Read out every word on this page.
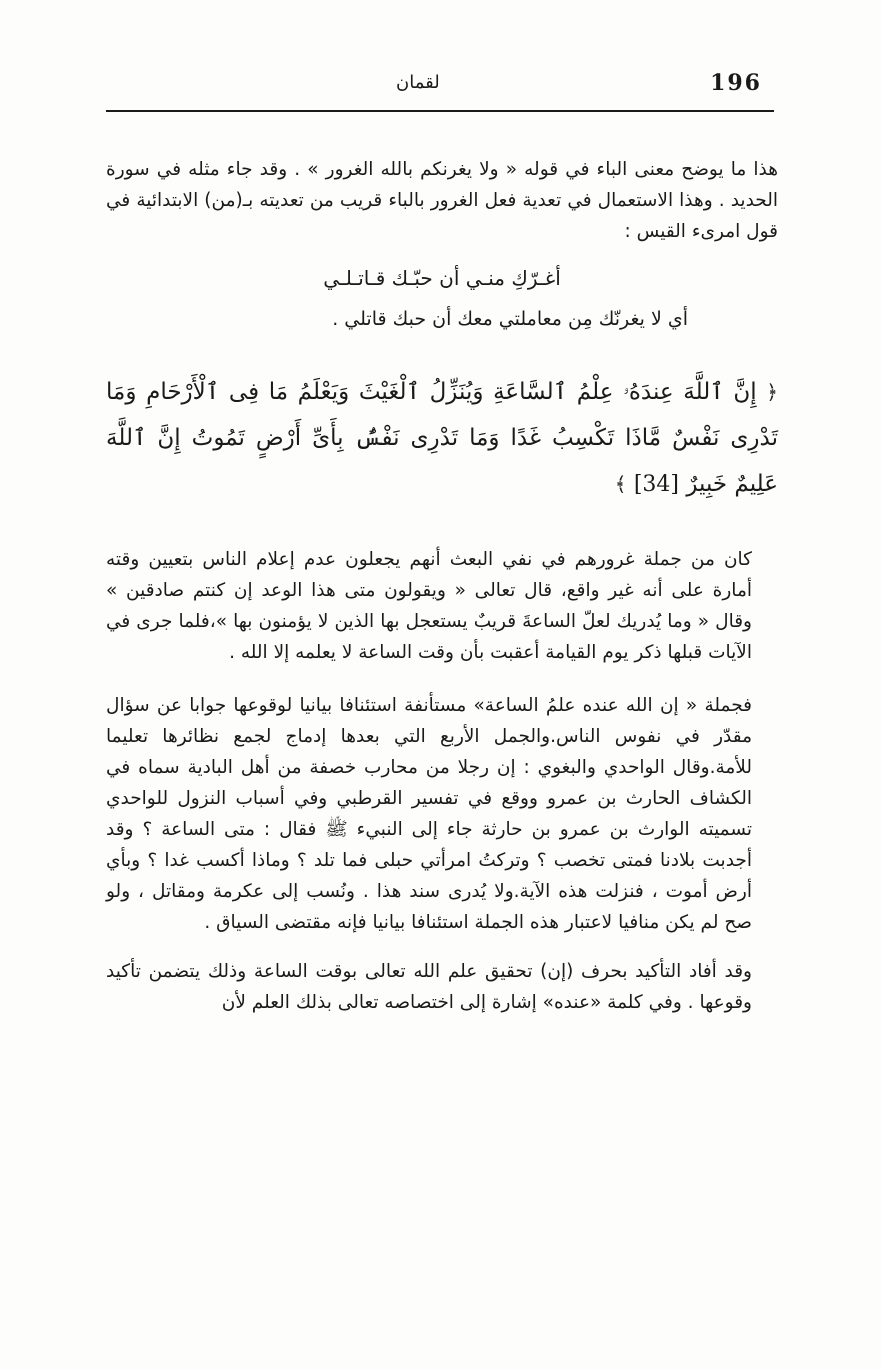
196
لقمان

هذا ما يوضح معنى الباء في قوله « ولا يغرنكم بالله الغرور » . وقد جاء مثله في سورة الحديد . وهذا الاستعمال في تعدية فعل الغرور بالباء قريب من تعديته بـ(من) الابتدائية في قول امرىء القيس :

أغـرّكِ منـي أن حبّـك قـاتـلـي

أي لا يغرنّك مِن معاملتي معك أن حبك قاتلي .

﴿ إِنَّ ٱللَّهَ عِندَهُۥ عِلْمُ ٱلسَّاعَةِ وَيُنَزِّلُ ٱلْغَيْثَ وَيَعْلَمُ مَا فِى ٱلْأَرْحَامِ وَمَا تَدْرِى نَفْسٌ مَّاذَا تَكْسِبُ غَدًا وَمَا تَدْرِى نَفْسٌۢ بِأَىِّ أَرْضٍ تَمُوتُ إِنَّ ٱللَّهَ عَلِيمٌ خَبِيرٌ [34] ﴾

كان من جملة غرورهم في نفي البعث أنهم يجعلون عدم إعلام الناس بتعيين وقته أمارة على أنه غير واقع، قال تعالى « ويقولون متى هذا الوعد إن كنتم صادقين » وقال « وما يُدريك لعلّ الساعةَ قريبٌ يستعجل بها الذين لا يؤمنون بها »،فلما جرى في الآيات قبلها ذكر يوم القيامة أعقبت بأن وقت الساعة لا يعلمه إلا الله .

فجملة « إن الله عنده علمُ الساعة» مستأنفة استئنافا بيانيا لوقوعها جوابا عن سؤال مقدّر في نفوس الناس.والجمل الأربع التي بعدها إدماج لجمع نظائرها تعليما للأمة.وقال الواحدي والبغوي : إن رجلا من محارب خصفة من أهل البادية سماه في الكشاف الحارث بن عمرو ووقع في تفسير القرطبي وفي أسباب النزول للواحدي تسميته الوارث بن عمرو بن حارثة جاء إلى النبيء ﷺ فقال : متى الساعة ؟ وقد أجدبت بلادنا فمتى تخصب ؟ وتركتُ امرأتي حبلى فما تلد ؟ وماذا أكسب غدا ؟ وبأي أرض أموت ، فنزلت هذه الآية.ولا يُدرى سند هذا . ونُسب إلى عكرمة ومقاتل ، ولو صح لم يكن منافيا لاعتبار هذه الجملة استئنافا بيانيا فإنه مقتضى السياق .

وقد أفاد التأكيد بحرف (إن) تحقيق علم الله تعالى بوقت الساعة وذلك يتضمن تأكيد وقوعها . وفي كلمة «عنده» إشارة إلى اختصاصه تعالى بذلك العلم لأن
